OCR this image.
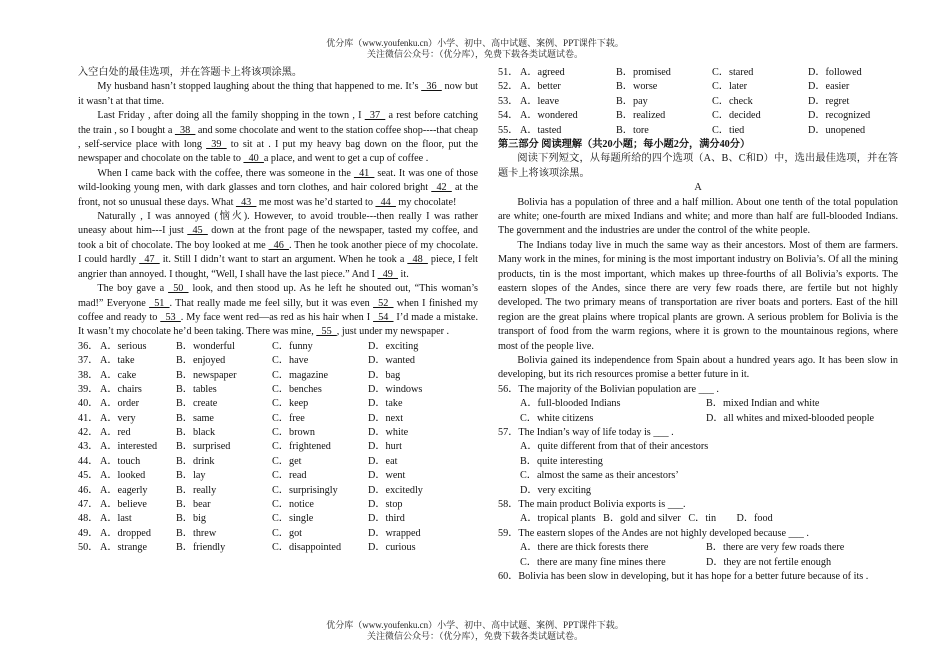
优分库（www.youfenku.cn）小学、初中、高中试题、案例、PPT课件下载。
关注微信公众号：（优分库），免费下载各类试题试卷。

入空白处的最佳选项，并在答题卡上将该项涂黑。

My husband hasn’t stopped laughing about the thing that happened to me. It’s _36_ now but it wasn’t at that time.

Last Friday , after doing all the family shopping in the town , I _37_ a rest before catching the train , so I bought a _38_ and some chocolate and went to the station coffee shop----that cheap , self-service place with long _39_ to sit at . I put my heavy bag down on the floor, put the newspaper and chocolate on the table to _40_a place, and went to get a cup of coffee .

When I came back with the coffee, there was someone in the _41_ seat. It was one of those wild-looking young men, with dark glasses and torn clothes, and hair colored bright _42_ at the front, not so unusual these days. What _43_ me most was he’d started to _44_ my chocolate!

Naturally , I was annoyed (恼火). However, to avoid trouble---then really I was rather uneasy about him---I just _45_ down at the front page of the newspaper, tasted my coffee, and took a bit of chocolate. The boy looked at me _46_. Then he took another piece of my chocolate. I could hardly _47_ it. Still I didn’t want to start an argument. When he took a _48_ piece, I felt angrier than annoyed. I thought, “Well, I shall have the last piece.” And I _49_ it.

The boy gave a _50_ look, and then stood up. As he left he shouted out, “This woman’s mad!” Everyone _51_. That really made me feel silly, but it was even _52_ when I finished my coffee and ready to _53_. My face went red—as red as his hair when I _54_ I’d made a mistake. It wasn’t my chocolate he’d been taking. There was mine, _55_, just under my newspaper .

36． A．serious	B．wonderful	C．funny	D．exciting
37． A．take	B．enjoyed	C．have	D．wanted
38． A．cake	B．newspaper	C．magazine	D．bag
39． A．chairs	B．tables	C．benches	D．windows
40． A．order	B．create	C．keep	D．take
41． A．very	B．same	C．free	D．next
42． A．red	B．black	C．brown	D．white
43． A．interested	B．surprised	C．frightened	D．hurt
44． A．touch	B．drink	C．get	D．eat
45． A．looked	B．lay	C．read	D．went
46． A．eagerly	B．really	C．surprisingly	D．excitedly
47． A．believe	B．bear	C．notice	D．stop
48． A．last	B．big	C．single	D．third
49． A．dropped	B．threw	C．got	D．wrapped
50． A．strange	B．friendly	C．disappointed	D．curious
51． A．agreed	B．promised	C．stared	D．followed
52． A．better	B．worse	C．later	D．easier
53． A．leave	B．pay	C．check	D．regret
54． A．wondered	B．realized	C．decided	D．recognized
55． A．tasted	B．tore	C．tied	D．unopened

第三部分 阅读理解（共20小题；每小题2分，满分40分）

阅读下列短文，从每题所给的四个选项（A、B、C和D）中，选出最佳选项，并在答题卡上将该项涂黑。

A

Bolivia has a population of three and a half million. About one tenth of the total population are white; one-fourth are mixed Indians and white; and more than half are full-blooded Indians. The government and the industries are under the control of the white people.

The Indians today live in much the same way as their ancestors. Most of them are farmers. Many work in the mines, for mining is the most important industry on Bolivia’s. Of all the mining products, tin is the most important, which makes up three-fourths of all Bolivia’s exports. The eastern slopes of the Andes, since there are very few roads there, are fertile but not highly developed. The two primary means of transportation are river boats and porters. East of the hill region are the great plains where tropical plants are grown. A serious problem for Bolivia is the transport of food from the warm regions, where it is grown to the mountainous regions, where most of the people live.

Bolivia gained its independence from Spain about a hundred years ago. It has been slow in developing, but its rich resources promise a better future in it.

56．The majority of the Bolivian population are ___ .

A．full-blooded Indians	B．mixed Indian and white
C．white citizens	D．all whites and mixed-blooded people

57．The Indian’s way of life today is ___ .

A．quite different from that of their ancestors

B．quite interesting

C．almost the same as their ancestors’

D．very exciting

58．The main product Bolivia exports is ___.

A．tropical plants   B．gold and silver   C．tin        D．food

59．The eastern slopes of the Andes are not highly developed because ___ .

A．there are thick forests there	B．there are very few roads there
C．there are many fine mines there	D．they are not fertile enough

60．Bolivia has been slow in developing, but it has hope for a better future because of its .

优分库（www.youfenku.cn）小学、初中、高中试题、案例、PPT课件下载。
关注微信公众号：（优分库），免费下载各类试题试卷。
